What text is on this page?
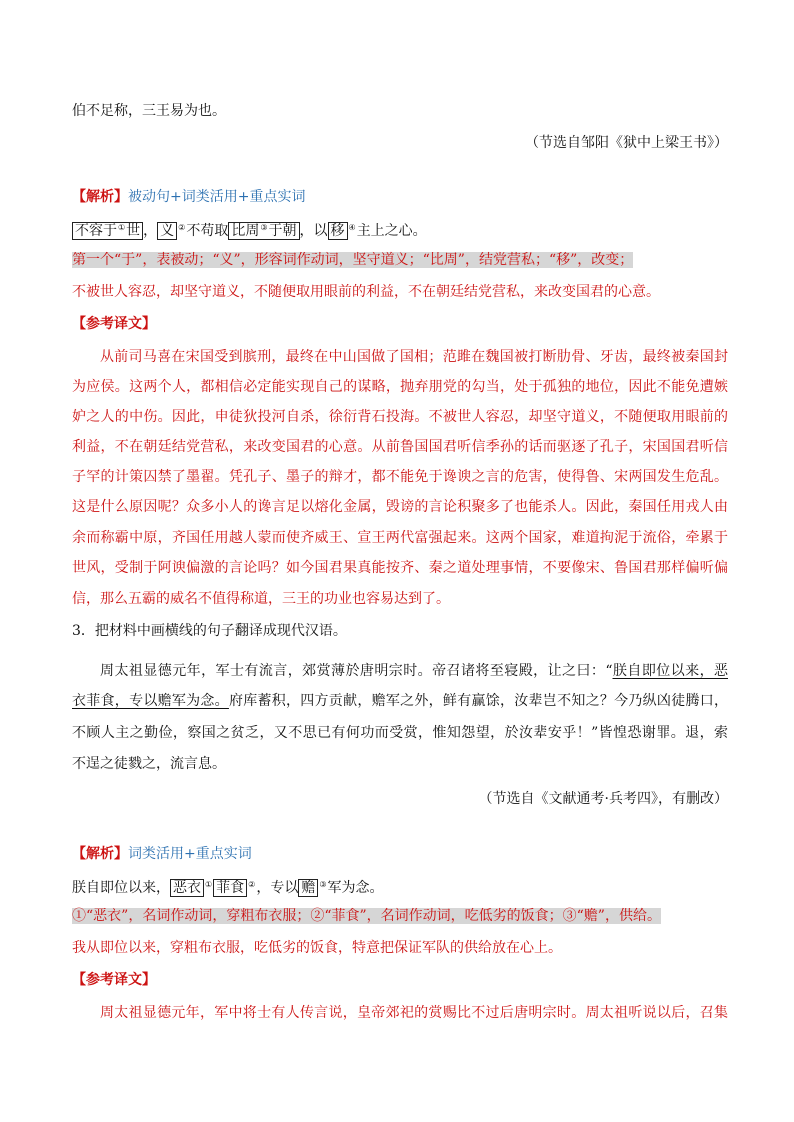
伯不足称，三王易为也。
（节选自邹阳《狱中上梁王书》）
【解析】被动句+词类活用+重点实词
不容于①世 ， 义 ②不苟取 比周③于朝 ，以 移 ④主上之心。
第一个“于”，表被动；“义”，形容词作动词，坚守道义；“比周”，结党营私；“移”，改变；
不被世人容忍，却坚守道义，不随便取用眼前的利益，不在朝廷结党营私，来改变国君的心意。
【参考译文】
从前司马喜在宋国受到膑刑，最终在中山国做了国相；范雎在魏国被打断肋骨、牙齿，最终被秦国封
为应侯。这两个人，都相信必定能实现自己的谋略，抛弃朋党的勾当，处于孤独的地位，因此不能免遭嫉
妒之人的中伤。因此，申徒狄投河自杀，徐衍背石投海。不被世人容忍，却坚守道义，不随便取用眼前的
利益，不在朝廷结党营私，来改变国君的心意。从前鲁国国君听信季孙的话而驱逐了孔子，宋国国君听信
子罕的计策囚禁了墨翟。凭孔子、墨子的辩才，都不能免于谗谀之言的危害，使得鲁、宋两国发生危乱。
这是什么原因呢？众多小人的谗言足以熔化金属，毁谤的言论积聚多了也能杀人。因此，秦国任用戎人由
余而称霸中原，齐国任用越人蒙而使齐威王、宣王两代富强起来。这两个国家，难道拘泥于流俗，牵累于
世风，受制于阿谀偏激的言论吗？如今国君果真能按齐、秦之道处理事情，不要像宋、鲁国君那样偏听偏
信，那么五霸的威名不值得称道，三王的功业也容易达到了。
3．把材料中画横线的句子翻译成现代汉语。
周太祖显德元年，军士有流言，郊赏薄於唐明宗时。帝召诸将至寝殿，让之曰：“朕自即位以来，恶
衣菲食，专以赡军为念。府库蓄积，四方贡献，赡军之外，鲜有赢馀，汝辈岂不知之？今乃纵凶徒腾口，
不顾人主之勤俭，察国之贫乏，又不思已有何功而受赏，惟知怨望，於汝辈安乎！”皆惶恐谢罪。退，索
不逞之徒戮之，流言息。
（节选自《文献通考·兵考四》，有删改）
【解析】词类活用+重点实词
朕自即位以来， 恶衣 ① 菲食 ②，专以 赡 ③军为念。
①“恶衣”，名词作动词，穿粗布衣服；②“菲食”，名词作动词，吃低劣的饭食；③“赡”，供给。
我从即位以来，穿粗布衣服，吃低劣的饭食，特意把保证军队的供给放在心上。
【参考译文】
周太祖显德元年，军中将士有人传言说，皇帝郊祀的赏赐比不过后唐明宗时。周太祖听说以后，召集
